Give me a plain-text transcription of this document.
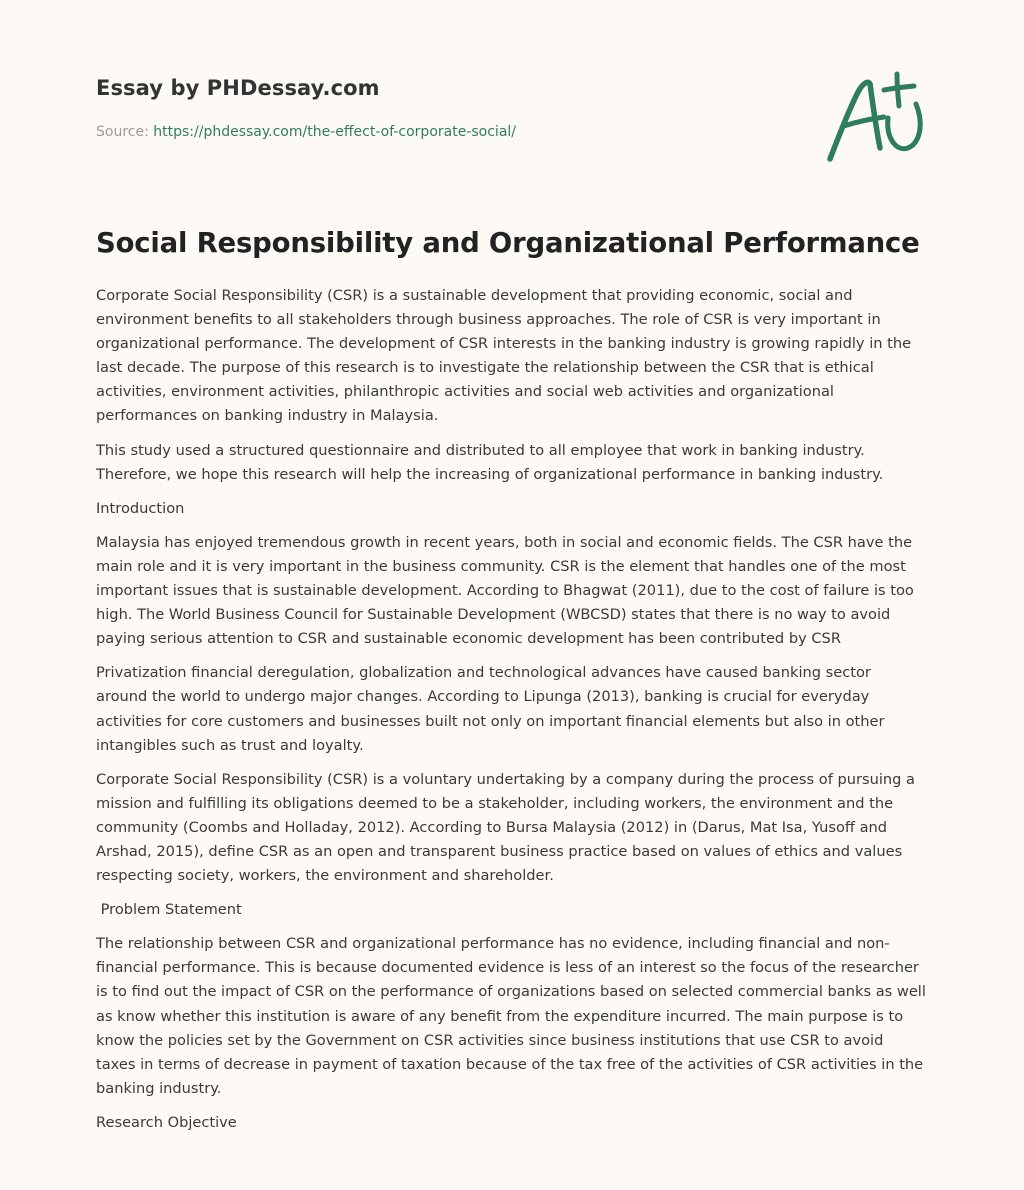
Essay by PHDessay.com
Source: https://phdessay.com/the-effect-of-corporate-social/
Social Responsibility and Organizational Performance

Corporate Social Responsibility (CSR) is a sustainable development that providing economic, social and environment benefits to all stakeholders through business approaches. The role of CSR is very important in organizational performance. The development of CSR interests in the banking industry is growing rapidly in the last decade. The purpose of this research is to investigate the relationship between the CSR that is ethical activities, environment activities, philanthropic activities and social web activities and organizational performances on banking industry in Malaysia.

This study used a structured questionnaire and distributed to all employee that work in banking industry. Therefore, we hope this research will help the increasing of organizational performance in banking industry.

Introduction

Malaysia has enjoyed tremendous growth in recent years, both in social and economic fields. The CSR have the main role and it is very important in the business community. CSR is the element that handles one of the most important issues that is sustainable development. According to Bhagwat (2011), due to the cost of failure is too high. The World Business Council for Sustainable Development (WBCSD) states that there is no way to avoid paying serious attention to CSR and sustainable economic development has been contributed by CSR

Privatization financial deregulation, globalization and technological advances have caused banking sector around the world to undergo major changes. According to Lipunga (2013), banking is crucial for everyday activities for core customers and businesses built not only on important financial elements but also in other intangibles such as trust and loyalty.

Corporate Social Responsibility (CSR) is a voluntary undertaking by a company during the process of pursuing a mission and fulfilling its obligations deemed to be a stakeholder, including workers, the environment and the community (Coombs and Holladay, 2012). According to Bursa Malaysia (2012) in (Darus, Mat Isa, Yusoff and Arshad, 2015), define CSR as an open and transparent business practice based on values of ethics and values respecting society, workers, the environment and shareholder.

Problem Statement

The relationship between CSR and organizational performance has no evidence, including financial and non-financial performance. This is because documented evidence is less of an interest so the focus of the researcher is to find out the impact of CSR on the performance of organizations based on selected commercial banks as well as know whether this institution is aware of any benefit from the expenditure incurred. The main purpose is to know the policies set by the Government on CSR activities since business institutions that use CSR to avoid taxes in terms of decrease in payment of taxation because of the tax free of the activities of CSR activities in the banking industry.

Research Objective
